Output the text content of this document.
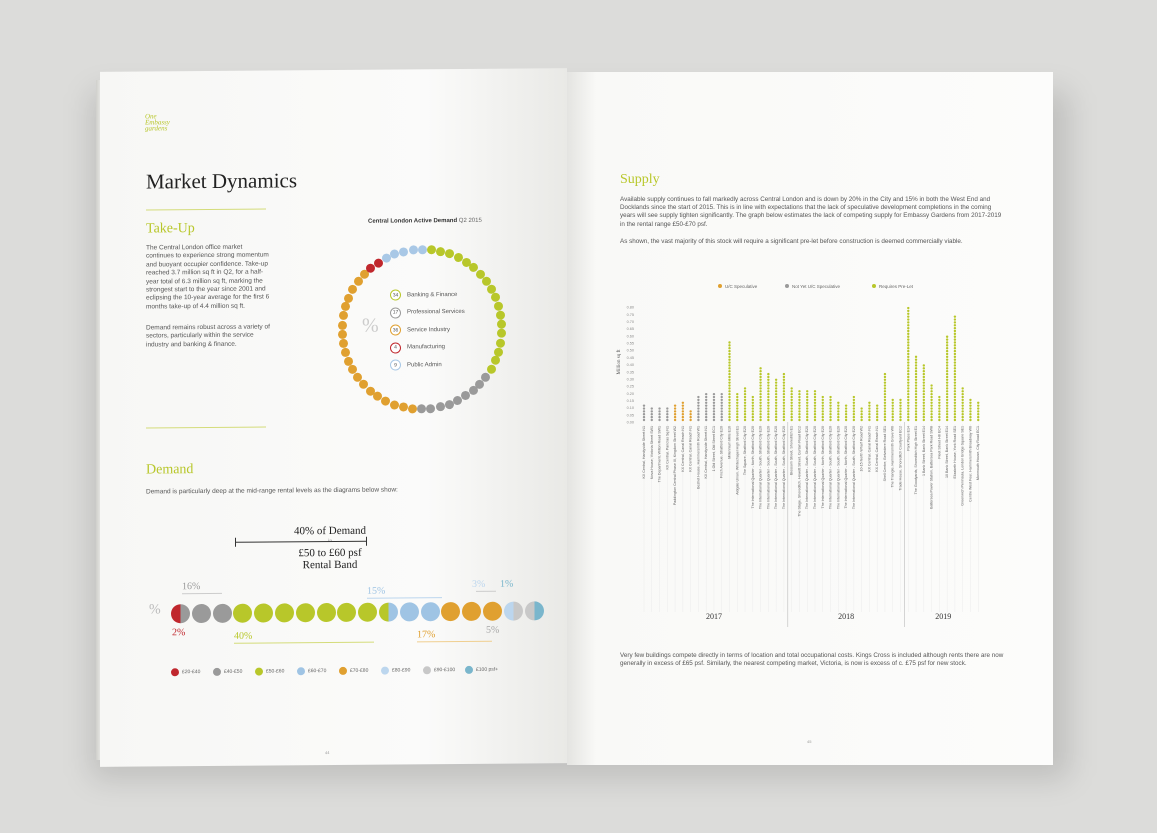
One
Embassy
gardens
Market Dynamics
Take-Up
The Central London office market continues to experience strong momentum and buoyant occupier confidence. Take-up reached 3.7 million sq ft in Q2, for a half-year total of 6.3 million sq ft, marking the strongest start to the year since 2001 and eclipsing the 10-year average for the first 6 months take-up of 4.4 million sq ft.
Demand remains robust across a variety of sectors, particularly within the service industry and banking & finance.
Central London Active Demand Q2 2015
%
34	Banking & Finance
17	Professional Services
36	Service Industry
4	Manufacturing
9	Public Admin
Demand
Demand is particularly deep at the mid-range rental levels as the diagrams below show:
40% of Demand
£50 to £60 psf
Rental Band
%
16%
2%	40%
15%
17%
3% 1%
5%
£20-£40	£40-£50	£50-£60	£60-£70	£70-£80	£80-£90	£90-£100	£100 psf+
44
Supply
Available supply continues to fall markedly across Central London and is down by 20% in the City and 15% in both the West End and Docklands since the start of 2015. This is in line with expectations that the lack of speculative development completions in the coming years will see supply tighten significantly. The graph below estimates the lack of competing supply for Embassy Gardens from 2017-2019 in the rental range £50-£70 psf.
As shown, the vast majority of this stock will require a significant pre-let before construction is deemed commercially viable.
U/C Speculative	Not Yet U/C Speculative	Requires Pre-Let
0.00
0.05
0.10
0.15
0.20
0.25
0.30
0.35
0.40
0.45
0.50
0.55
0.60
0.65
0.70
0.75
0.80
Million sq ft
KX Central, Handyside Street N1 Nova House, Victoria Street SW1 The Department, Wilton Road SW1 KX Central, Pancras Sq N1 Paddington Central Phase III, Kingdom Street W2 KX Central, Canal Reach N1 KX Central, Canal Reach N1 Bezhet House, Hammersmith Road W1 KX Central, Handyside Street N1 1 Old Street, Old Street EC1 Finch Avenue, Stratford City E20 Millennium Mills E16 Aldgate Union, Whitechapel High Street E1 The Square, Stratford City E20 The International Quarter - North, Stratford City E20 The International Quarter - South, Stratford City E20 The International Quarter - South, Stratford City E20 The International Quarter - South, Stratford City E20 The International Quarter - South, Stratford City E20 Blossom Street, Shoreditch E1 The Stage, Shoreditch, Hewett Street, Curtain Road EC2 The International Quarter - South, Stratford City E20 The International Quarter - South, Stratford City E20 The International Quarter - North, Stratford City E20 The International Quarter - South, Stratford City E20 The International Quarter - South, Stratford City E20 The International Quarter - North, Stratford City E20 The International Quarter - South, Stratford City E20 10-15 North Wharf Road W2 KX Central, Canal Reach N1 KX Central, Canal Reach N1 Shell Centre, Belvedere Road SE1 The Triangle, Hammersmith Grove W6 Trade House, Shoreditch Courtyard EC2 Park Place E14 The Goodyards, Shoreditch High Street E1 1 Bank Street, Bank Street E14 Battersea Power Station, Battersea Park Road SW8 Fleet Street Hill EC4 10 Bank Street, Bank Street E14 Elizabeth House, York Road SE1 Greenwich Peninsula, London Bridge Square SE1 Centre West Four, Hammersmith Broadway W6 Monmouth House, City Road EC1
2017	2018	2019
Very few buildings compete directly in terms of location and total occupational costs. Kings Cross is included although rents there are now generally in excess of £65 psf. Similarly, the nearest competing market, Victoria, is now is excess of c. £75 psf for new stock.
45
